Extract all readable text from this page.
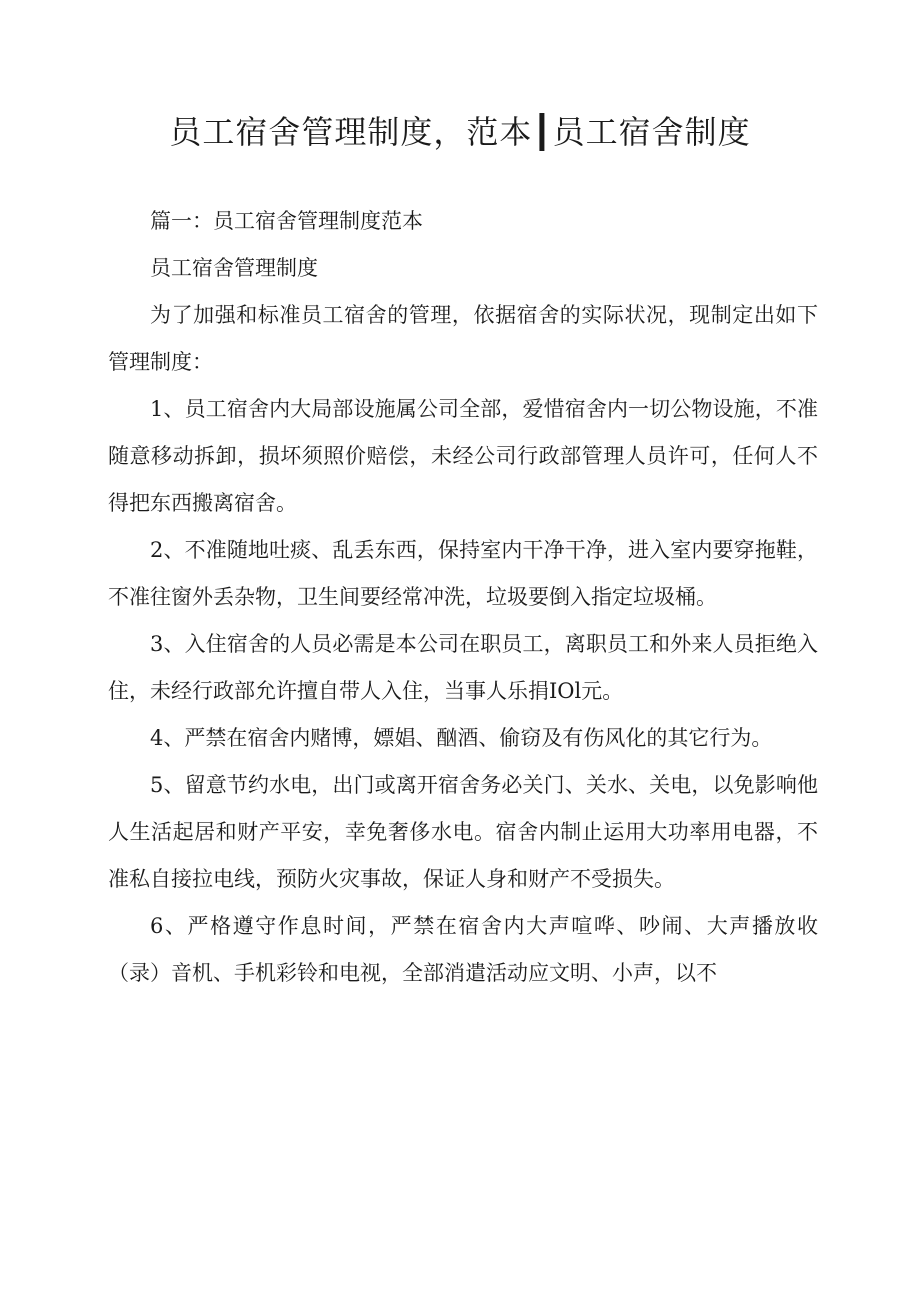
员工宿舍管理制度，范本┃员工宿舍制度

篇一：员工宿舍管理制度范本

员工宿舍管理制度

为了加强和标准员工宿舍的管理，依据宿舍的实际状况，现制定出如下管理制度：

1、员工宿舍内大局部设施属公司全部，爱惜宿舍内一切公物设施，不准随意移动拆卸，损坏须照价赔偿，未经公司行政部管理人员许可，任何人不得把东西搬离宿舍。

2、不准随地吐痰、乱丢东西，保持室内干净干净，进入室内要穿拖鞋，不准往窗外丢杂物，卫生间要经常冲洗，垃圾要倒入指定垃圾桶。

3、入住宿舍的人员必需是本公司在职员工，离职员工和外来人员拒绝入住，未经行政部允许擅自带人入住，当事人乐捐IOl元。

4、严禁在宿舍内赌博，嫖娼、酗酒、偷窃及有伤风化的其它行为。

5、留意节约水电，出门或离开宿舍务必关门、关水、关电，以免影响他人生活起居和财产平安，幸免奢侈水电。宿舍内制止运用大功率用电器，不准私自接拉电线，预防火灾事故，保证人身和财产不受损失。

6、严格遵守作息时间，严禁在宿舍内大声喧哗、吵闹、大声播放收（录）音机、手机彩铃和电视，全部消遣活动应文明、小声，以不
